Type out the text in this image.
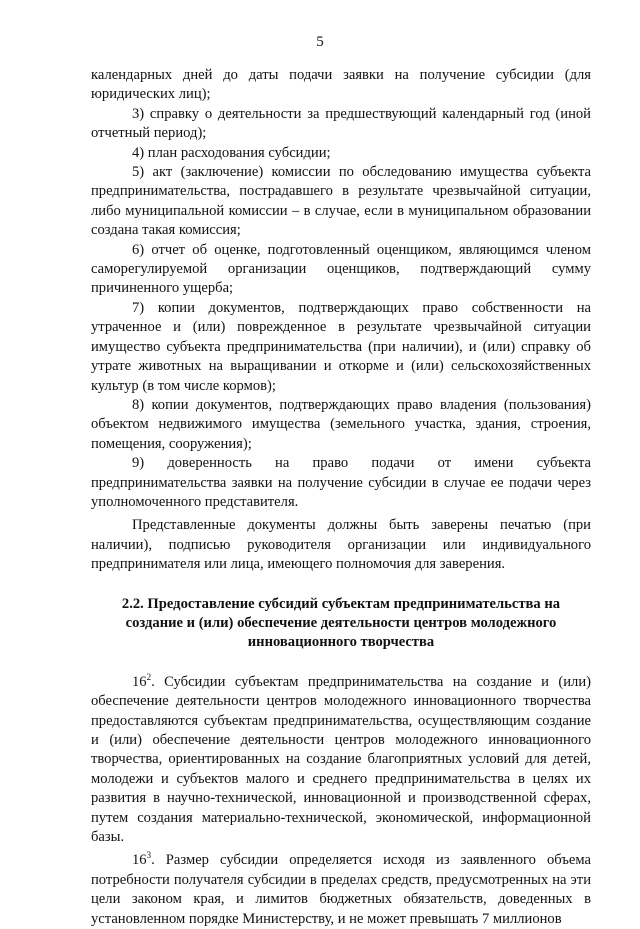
5

календарных дней до даты подачи заявки на получение субсидии (для юридических лиц);

3) справку о деятельности за предшествующий календарный год (иной отчетный период);

4) план расходования субсидии;

5) акт (заключение) комиссии по обследованию имущества субъекта предпринимательства, пострадавшего в результате чрезвычайной ситуации, либо муниципальной комиссии – в случае, если в муниципальном образовании создана такая комиссия;

6) отчет об оценке, подготовленный оценщиком, являющимся членом саморегулируемой организации оценщиков, подтверждающий сумму причиненного ущерба;

7) копии документов, подтверждающих право собственности на утраченное и (или) поврежденное в результате чрезвычайной ситуации имущество субъекта предпринимательства (при наличии), и (или) справку об утрате животных на выращивании и откорме и (или) сельскохозяйственных культур (в том числе кормов);

8) копии документов, подтверждающих право владения (пользования) объектом недвижимого имущества (земельного участка, здания, строения, помещения, сооружения);

9) доверенность на право подачи от имени субъекта предпринимательства заявки на получение субсидии в случае ее подачи через уполномоченного представителя.

Представленные документы должны быть заверены печатью (при наличии), подписью руководителя организации или индивидуального предпринимателя или лица, имеющего полномочия для заверения.

2.2. Предоставление субсидий субъектам предпринимательства на создание и (или) обеспечение деятельности центров молодежного инновационного творчества

$16^2$. Субсидии субъектам предпринимательства на создание и (или) обеспечение деятельности центров молодежного инновационного творчества предоставляются субъектам предпринимательства, осуществляющим создание и (или) обеспечение деятельности центров молодежного инновационного творчества, ориентированных на создание благоприятных условий для детей, молодежи и субъектов малого и среднего предпринимательства в целях их развития в научно-технической, инновационной и производственной сферах, путем создания материально-технической, экономической, информационной базы.

$16^3$. Размер субсидии определяется исходя из заявленного объема потребности получателя субсидии в пределах средств, предусмотренных на эти цели законом края, и лимитов бюджетных обязательств, доведенных в установленном порядке Министерству, и не может превышать 7 миллионов
